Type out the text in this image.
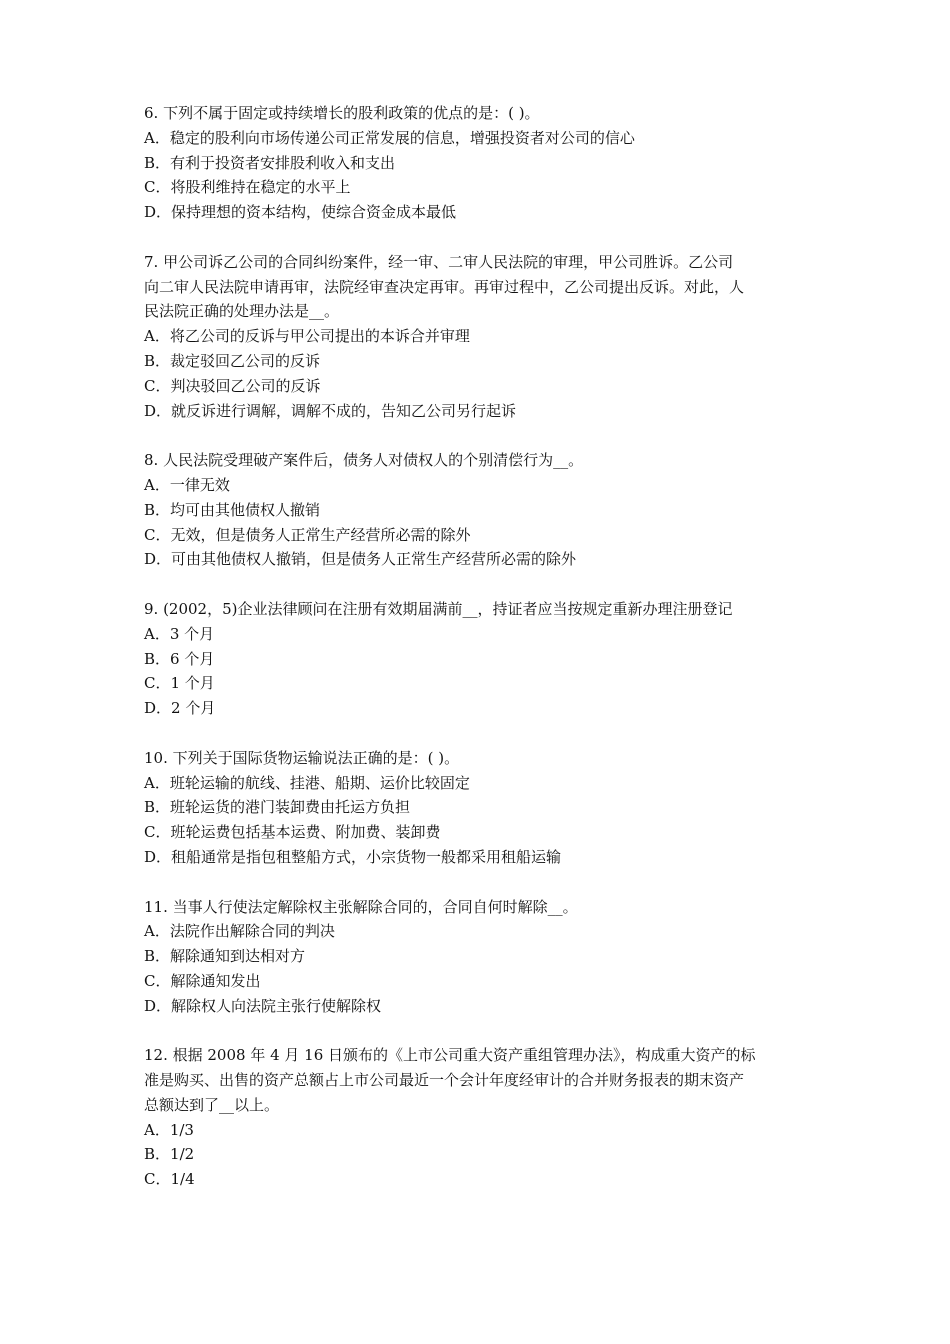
6. 下列不属于固定或持续增长的股利政策的优点的是：( )。
A．稳定的股利向市场传递公司正常发展的信息，增强投资者对公司的信心
B．有利于投资者安排股利收入和支出
C．将股利维持在稳定的水平上
D．保持理想的资本结构，使综合资金成本最低
7. 甲公司诉乙公司的合同纠纷案件，经一审、二审人民法院的审理，甲公司胜诉。乙公司
向二审人民法院申请再审，法院经审查决定再审。再审过程中，乙公司提出反诉。对此，人
民法院正确的处理办法是__。
A．将乙公司的反诉与甲公司提出的本诉合并审理
B．裁定驳回乙公司的反诉
C．判决驳回乙公司的反诉
D．就反诉进行调解，调解不成的，告知乙公司另行起诉
8. 人民法院受理破产案件后，债务人对债权人的个别清偿行为__。
A．一律无效
B．均可由其他债权人撤销
C．无效，但是债务人正常生产经营所必需的除外
D．可由其他债权人撤销，但是债务人正常生产经营所必需的除外
9. (2002，5)企业法律顾问在注册有效期届满前__，持证者应当按规定重新办理注册登记
A．3 个月
B．6 个月
C．1 个月
D．2 个月
10. 下列关于国际货物运输说法正确的是：( )。
A．班轮运输的航线、挂港、船期、运价比较固定
B．班轮运货的港门装卸费由托运方负担
C．班轮运费包括基本运费、附加费、装卸费
D．租船通常是指包租整船方式，小宗货物一般都采用租船运输
11. 当事人行使法定解除权主张解除合同的，合同自何时解除__。
A．法院作出解除合同的判决
B．解除通知到达相对方
C．解除通知发出
D．解除权人向法院主张行使解除权
12. 根据 2008 年 4 月 16 日颁布的《上市公司重大资产重组管理办法》，构成重大资产的标
准是购买、出售的资产总额占上市公司最近一个会计年度经审计的合并财务报表的期末资产
总额达到了__以上。
A．1/3
B．1/2
C．1/4
